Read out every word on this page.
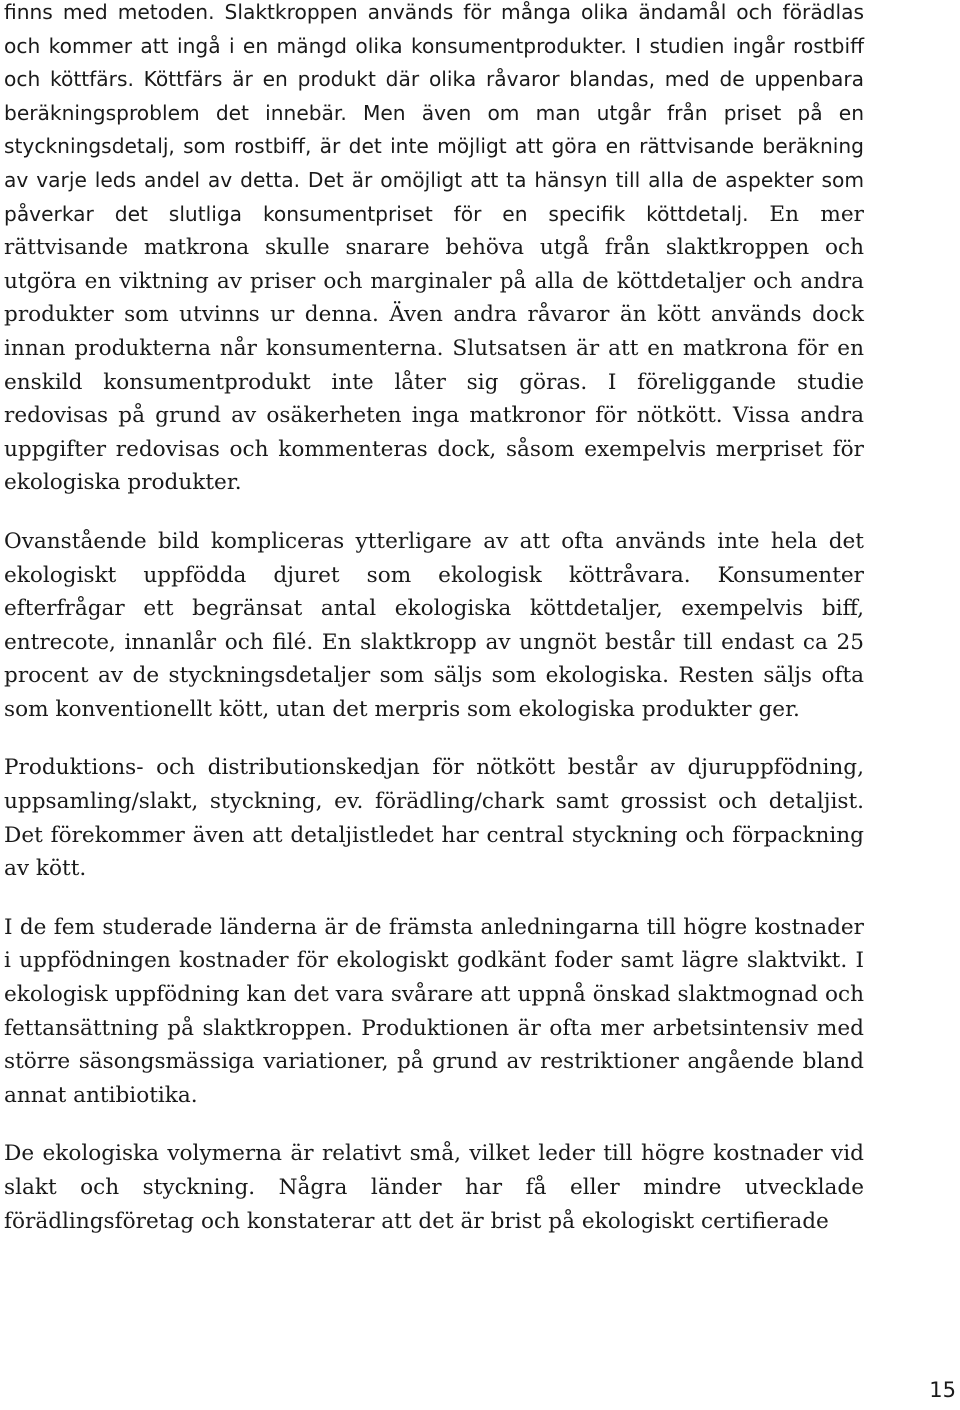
finns med metoden. Slaktkroppen används för många olika ändamål och förädlas och kommer att ingå i en mängd olika konsumentprodukter. I studien ingår rostbiff och köttfärs. Köttfärs är en produkt där olika råvaror blandas, med de uppenbara beräkningsproblem det innebär. Men även om man utgår från priset på en styckningsdetalj, som rostbiff, är det inte möjligt att göra en rättvisande beräkning av varje leds andel av detta. Det är omöjligt att ta hänsyn till alla de aspekter som påverkar det slutliga konsumentpriset för en specifik köttdetalj. En mer rättvisande matkrona skulle snarare behöva utgå från slaktkroppen och utgöra en viktning av priser och marginaler på alla de köttdetaljer och andra produkter som utvinns ur denna. Även andra råvaror än kött används dock innan produkterna når konsumenterna. Slutsatsen är att en matkrona för en enskild konsumentprodukt inte låter sig göras. I föreliggande studie redovisas på grund av osäkerheten inga matkronor för nötkött. Vissa andra uppgifter redovisas och kommenteras dock, såsom exempelvis merpriset för ekologiska produkter.

Ovanstående bild kompliceras ytterligare av att ofta används inte hela det ekologiskt uppfödda djuret som ekologisk köttråvara. Konsumenter efterfrågar ett begränsat antal ekologiska köttdetaljer, exempelvis biff, entrecote, innanlår och filé. En slaktkropp av ungnöt består till endast ca 25 procent av de styckningsdetaljer som säljs som ekologiska. Resten säljs ofta som konventionellt kött, utan det merpris som ekologiska produkter ger.

Produktions- och distributionskedjan för nötkött består av djuruppfödning, uppsamling/slakt, styckning, ev. förädling/chark samt grossist och detaljist. Det förekommer även att detaljistledet har central styckning och förpackning av kött.

I de fem studerade länderna är de främsta anledningarna till högre kostnader i uppfödningen kostnader för ekologiskt godkänt foder samt lägre slaktvikt. I ekologisk uppfödning kan det vara svårare att uppnå önskad slaktmognad och fettansättning på slaktkroppen. Produktionen är ofta mer arbetsintensiv med större säsongsmässiga variationer, på grund av restriktioner angående bland annat antibiotika.

De ekologiska volymerna är relativt små, vilket leder till högre kostnader vid slakt och styckning. Några länder har få eller mindre utvecklade förädlingsföretag och konstaterar att det är brist på ekologiskt certifierade

15
